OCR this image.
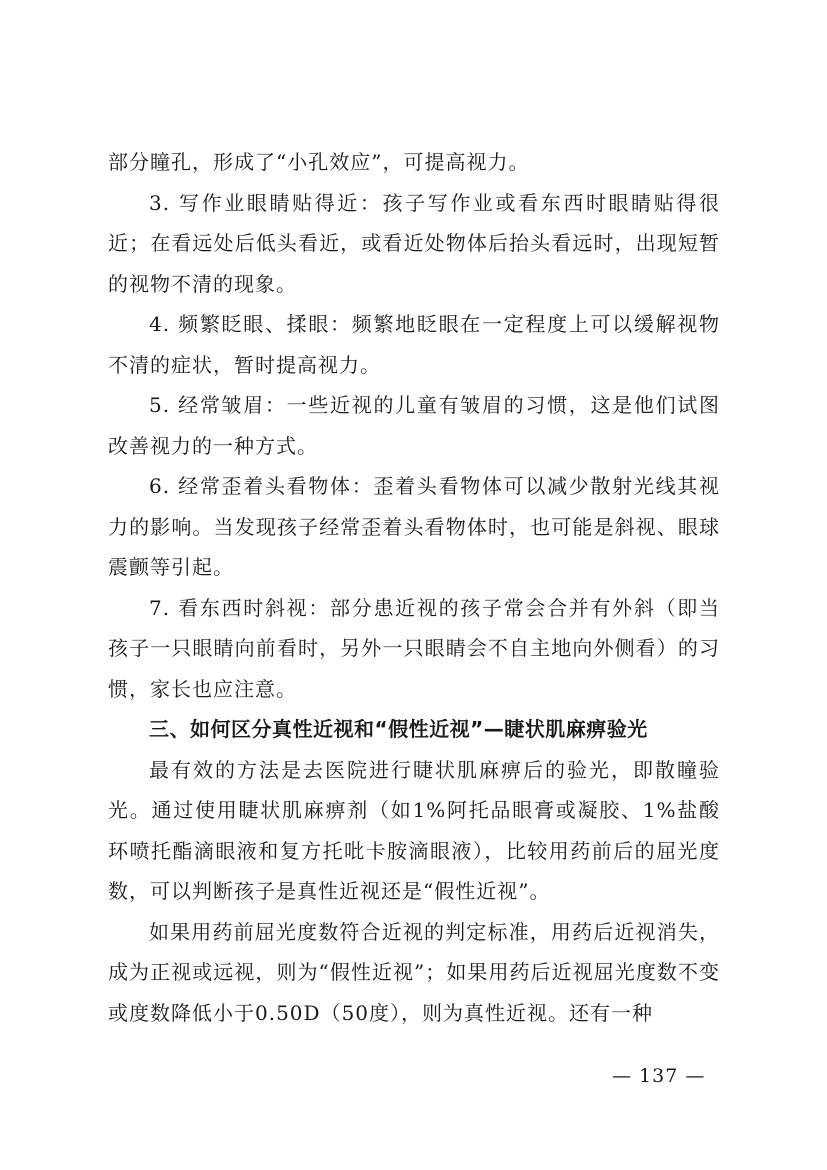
部分瞳孔，形成了“小孔效应”，可提高视力。

3. 写作业眼睛贴得近：孩子写作业或看东西时眼睛贴得很近；在看远处后低头看近，或看近处物体后抬头看远时，出现短暂的视物不清的现象。

4. 频繁眨眼、揉眼：频繁地眨眼在一定程度上可以缓解视物不清的症状，暂时提高视力。

5. 经常皱眉：一些近视的儿童有皱眉的习惯，这是他们试图改善视力的一种方式。

6. 经常歪着头看物体：歪着头看物体可以减少散射光线其视力的影响。当发现孩子经常歪着头看物体时，也可能是斜视、眼球震颤等引起。

7. 看东西时斜视：部分患近视的孩子常会合并有外斜（即当孩子一只眼睛向前看时，另外一只眼睛会不自主地向外侧看）的习惯，家长也应注意。

三、如何区分真性近视和“假性近视”—睫状肌麻痹验光

最有效的方法是去医院进行睫状肌麻痹后的验光，即散瞳验光。通过使用睫状肌麻痹剂（如1%阿托品眼膏或凝胶、1%盐酸环喷托酯滴眼液和复方托吡卡胺滴眼液），比较用药前后的屈光度数，可以判断孩子是真性近视还是“假性近视”。

如果用药前屈光度数符合近视的判定标准，用药后近视消失，成为正视或远视，则为“假性近视”；如果用药后近视屈光度数不变或度数降低小于0.50D（50度），则为真性近视。还有一种

— 137 —
